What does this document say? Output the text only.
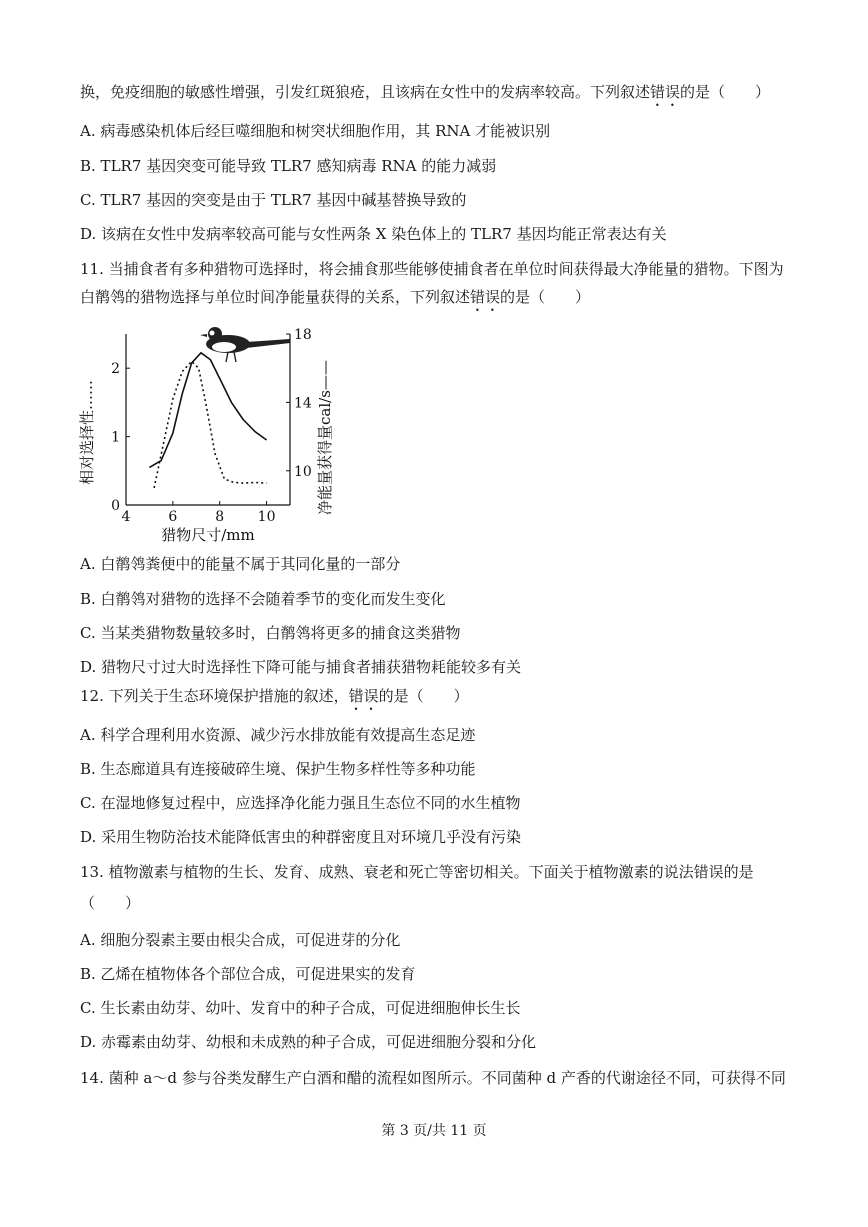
换，免疫细胞的敏感性增强，引发红斑狼疮，且该病在女性中的发病率较高。下列叙述错误的是（　　）
A. 病毒感染机体后经巨噬细胞和树突状细胞作用，其 RNA 才能被识别
B. TLR7 基因突变可能导致 TLR7 感知病毒 RNA 的能力减弱
C. TLR7 基因的突变是由于 TLR7 基因中碱基替换导致的
D. 该病在女性中发病率较高可能与女性两条 X 染色体上的 TLR7 基因均能正常表达有关
11. 当捕食者有多种猎物可选择时，将会捕食那些能够使捕食者在单位时间获得最大净能量的猎物。下图为
白鹡鸰的猎物选择与单位时间净能量获得的关系，下列叙述错误的是（　　）
4	6	8 10
0
1
2
10
14
18
猎物尺寸/mm
相对选择性……	净能量获得量cal/s——
A. 白鹡鸰粪便中的能量不属于其同化量的一部分
B. 白鹡鸰对猎物的选择不会随着季节的变化而发生变化
C. 当某类猎物数量较多时，白鹡鸰将更多的捕食这类猎物
D. 猎物尺寸过大时选择性下降可能与捕食者捕获猎物耗能较多有关
12. 下列关于生态环境保护措施的叙述，错误的是（　　）
A. 科学合理利用水资源、减少污水排放能有效提高生态足迹
B. 生态廊道具有连接破碎生境、保护生物多样性等多种功能
C. 在湿地修复过程中，应选择净化能力强且生态位不同的水生植物
D. 采用生物防治技术能降低害虫的种群密度且对环境几乎没有污染
13. 植物激素与植物的生长、发育、成熟、衰老和死亡等密切相关。下面关于植物激素的说法错误的是
（　　）
A. 细胞分裂素主要由根尖合成，可促进芽的分化
B. 乙烯在植物体各个部位合成，可促进果实的发育
C. 生长素由幼芽、幼叶、发育中的种子合成，可促进细胞伸长生长
D. 赤霉素由幼芽、幼根和未成熟的种子合成，可促进细胞分裂和分化
14. 菌种 a～d 参与谷类发酵生产白酒和醋的流程如图所示。不同菌种 d 产香的代谢途径不同，可获得不同
第 3 页/共 11 页
